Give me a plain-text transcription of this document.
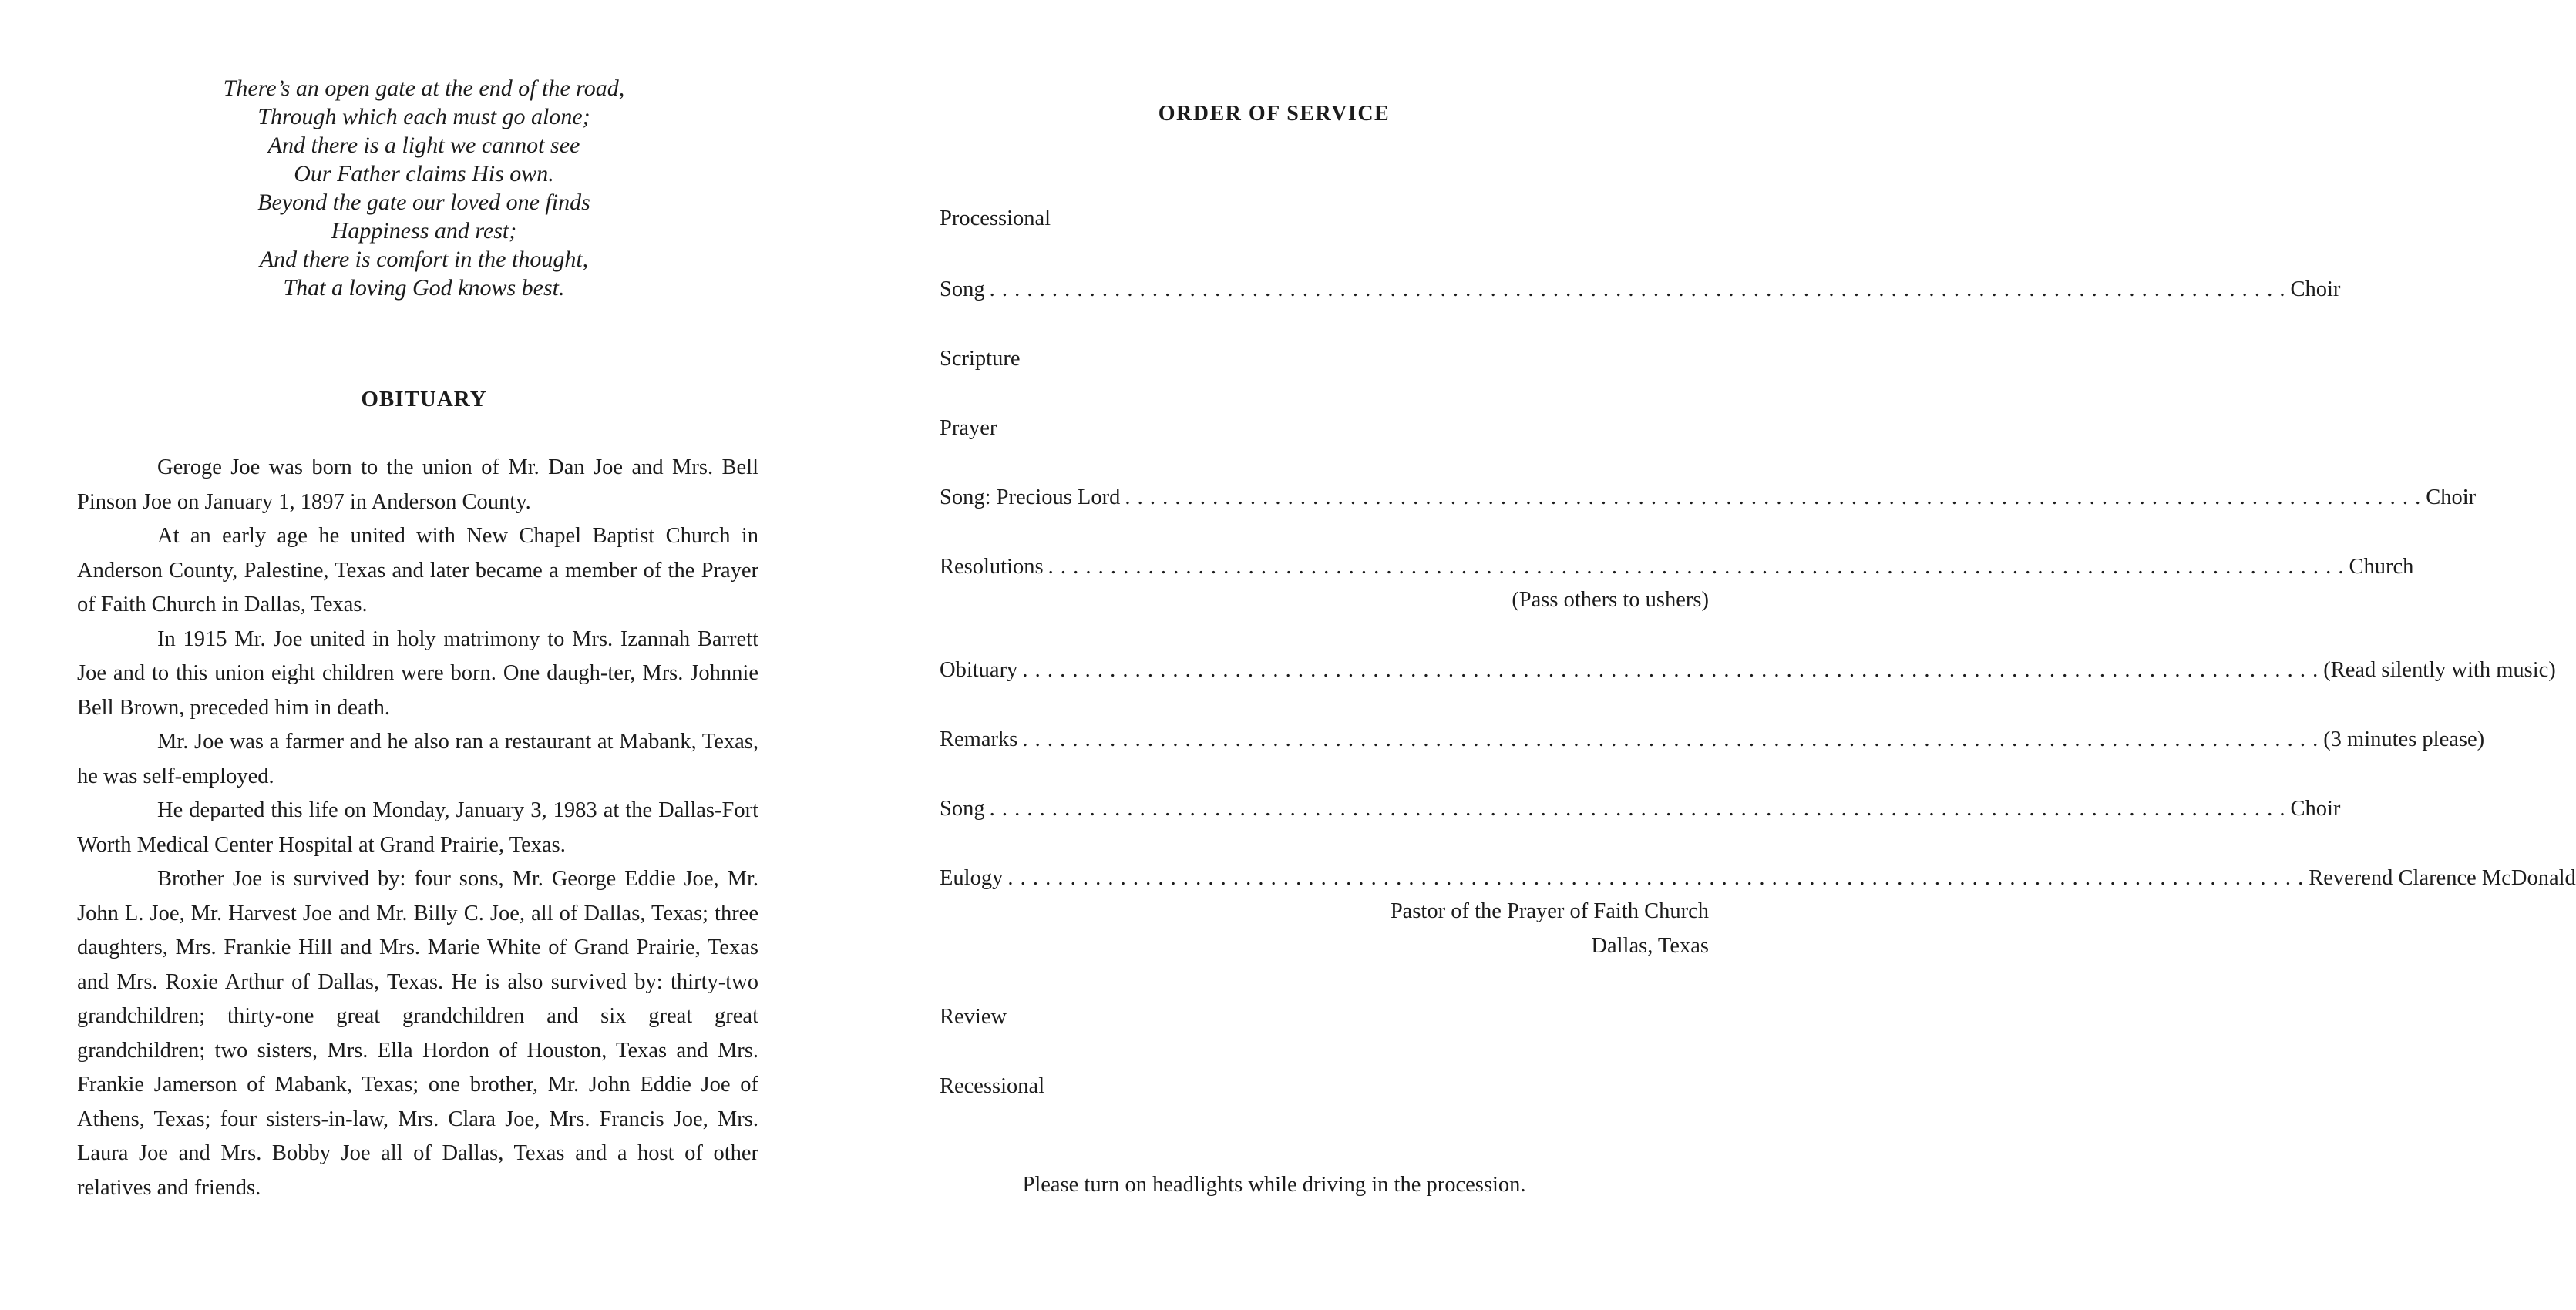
There’s an open gate at the end of the road,
Through which each must go alone;
And there is a light we cannot see
Our Father claims His own.
Beyond the gate our loved one finds
Happiness and rest;
And there is comfort in the thought,
That a loving God knows best.
OBITUARY

Geroge Joe was born to the union of Mr. Dan Joe and Mrs. Bell Pinson Joe on January 1, 1897 in Anderson County.

At an early age he united with New Chapel Baptist Church in Anderson County, Palestine, Texas and later became a member of the Prayer of Faith Church in Dallas, Texas.

In 1915 Mr. Joe united in holy matrimony to Mrs. Izannah Barrett Joe and to this union eight children were born. One daugh-ter, Mrs. Johnnie Bell Brown, preceded him in death.

Mr. Joe was a farmer and he also ran a restaurant at Mabank, Texas, he was self-employed.

He departed this life on Monday, January 3, 1983 at the Dallas-Fort Worth Medical Center Hospital at Grand Prairie, Texas.

Brother Joe is survived by: four sons, Mr. George Eddie Joe, Mr. John L. Joe, Mr. Harvest Joe and Mr. Billy C. Joe, all of Dallas, Texas; three daughters, Mrs. Frankie Hill and Mrs. Marie White of Grand Prairie, Texas and Mrs. Roxie Arthur of Dallas, Texas. He is also survived by: thirty-two grandchildren; thirty-one great grandchildren and six great great grandchildren; two sisters, Mrs. Ella Hordon of Houston, Texas and Mrs. Frankie Jamerson of Mabank, Texas; one brother, Mr. John Eddie Joe of Athens, Texas; four sisters-in-law, Mrs. Clara Joe, Mrs. Francis Joe, Mrs. Laura Joe and Mrs. Bobby Joe all of Dallas, Texas and a host of other relatives and friends.

ORDER OF SERVICE
Processional
Song . . .	Choir
Scripture
Prayer
Song: Precious Lord . . .	Choir
Resolutions . . .	Church
(Pass others to ushers)
Obituary . . .	(Read silently with music)
Remarks . . .	(3 minutes please)
Song . . .	Choir
Eulogy . . .	Reverend Clarence McDonald
Pastor of the Prayer of Faith Church
Dallas, Texas
Review
Recessional
Please turn on headlights while driving in the procession.
